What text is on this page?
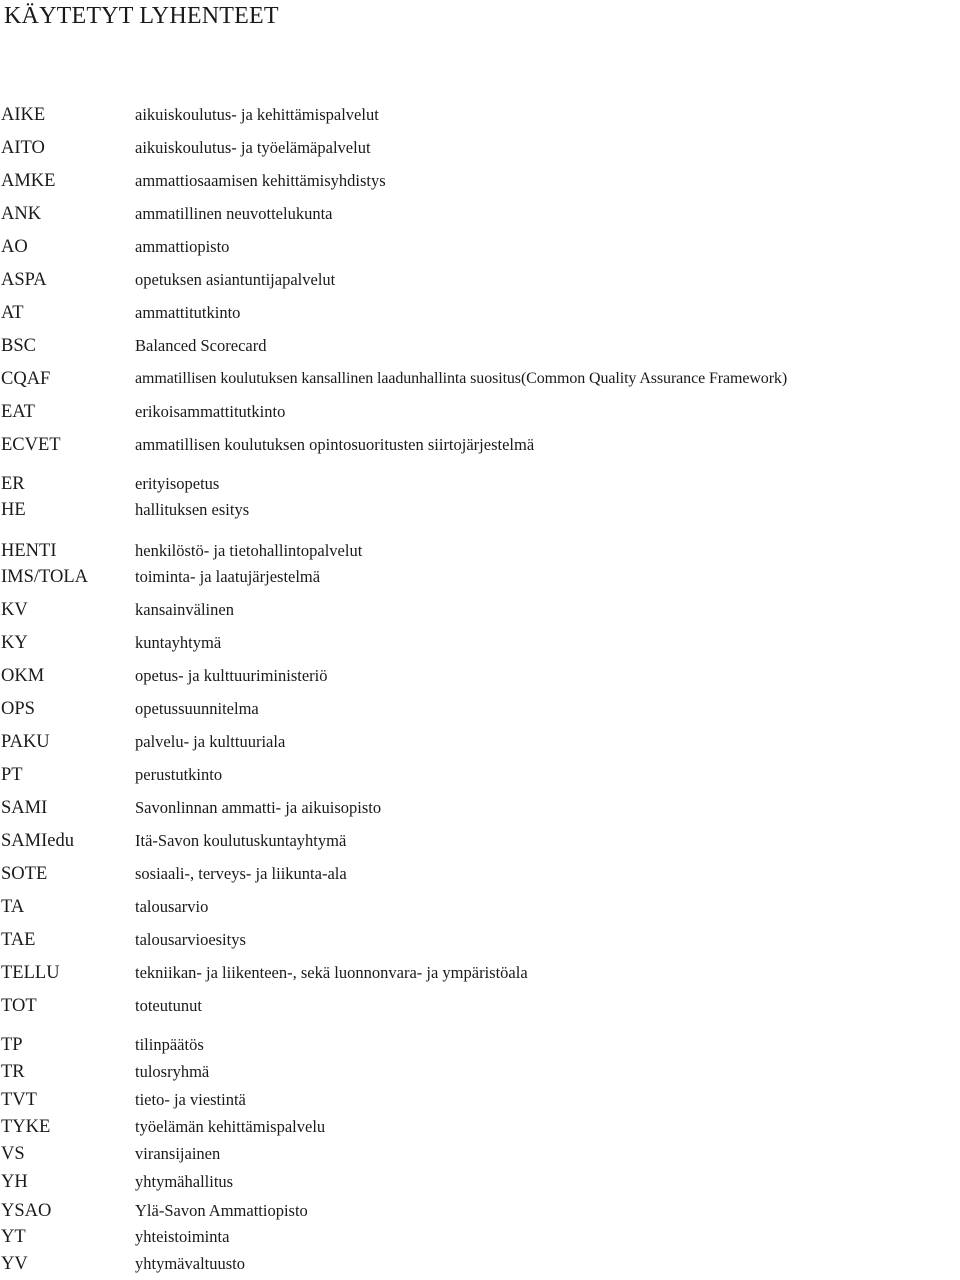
KÄYTETYT LYHENTEET
AIKE	aikuiskoulutus- ja kehittämispalvelut
AITO	aikuiskoulutus- ja työelämäpalvelut
AMKE	ammattiosaamisen kehittämisyhdistys
ANK	ammatillinen neuvottelukunta
AO	ammattiopisto
ASPA	opetuksen asiantuntijapalvelut
AT	ammattitutkinto
BSC	Balanced Scorecard
CQAF	ammatillisen koulutuksen kansallinen laadunhallinta suositus(Common Quality Assurance Framework)
EAT	erikoisammattitutkinto
ECVET	ammatillisen koulutuksen opintosuoritusten siirtojärjestelmä
ER	erityisopetus
HE	hallituksen esitys
HENTI	henkilöstö- ja tietohallintopalvelut
IMS/TOLA	toiminta- ja laatujärjestelmä
KV	kansainvälinen
KY	kuntayhtymä
OKM	opetus- ja kulttuuriministeriö
OPS	opetussuunnitelma
PAKU	palvelu- ja kulttuuriala
PT	perustutkinto
SAMI	Savonlinnan ammatti- ja aikuisopisto
SAMIedu	Itä-Savon koulutuskuntayhtymä
SOTE	sosiaali-, terveys- ja liikunta-ala
TA	talousarvio
TAE	talousarvioesitys
TELLU	tekniikan- ja liikenteen-, sekä luonnonvara- ja ympäristöala
TOT	toteutunut
TP	tilinpäätös
TR	tulosryhmä
TVT	tieto- ja viestintä
TYKE	työelämän kehittämispalvelu
VS	viransijainen
YH	yhtymähallitus
YSAO	Ylä-Savon Ammattiopisto
YT	yhteistoiminta
YV	yhtymävaltuusto
